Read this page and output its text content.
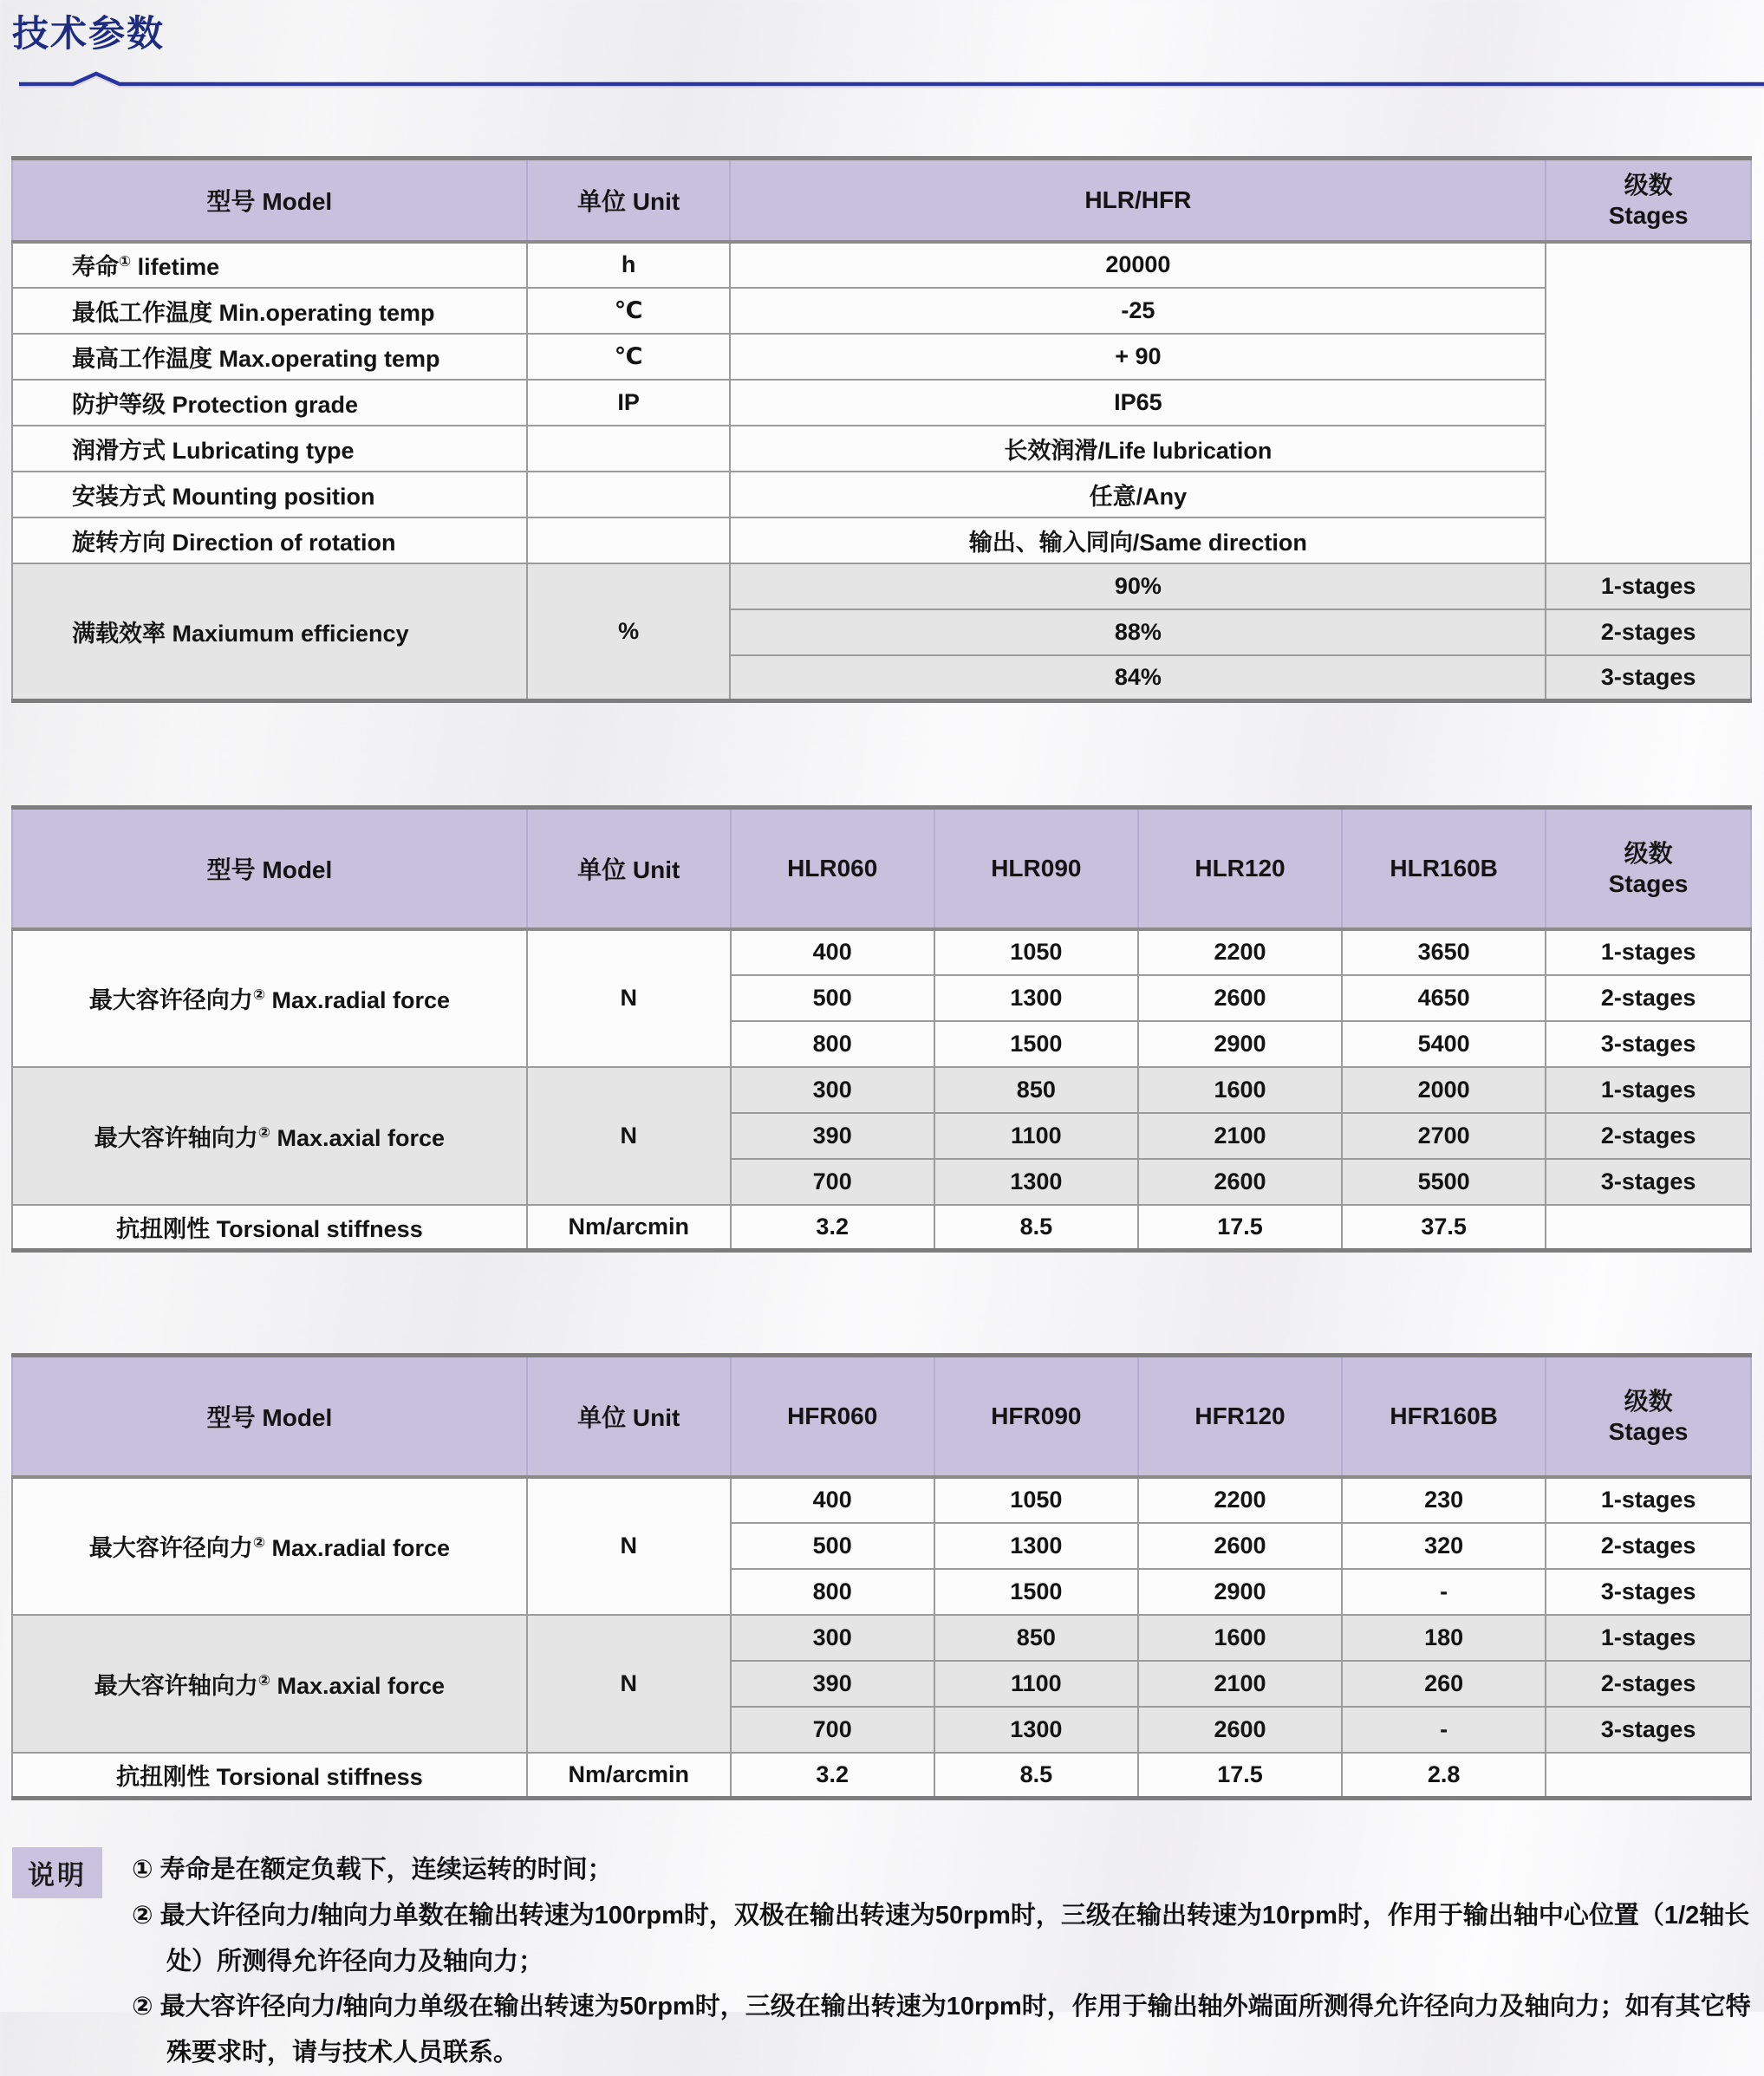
技术参数
型号 Model	单位 Unit	HLR/HFR	级数
Stages

寿命① lifetime	h	20000	
最低工作温度 Min.operating temp	℃	-25	
最高工作温度 Max.operating temp	℃	+ 90	
防护等级 Protection grade	IP	IP65	
润滑方式 Lubricating type		长效润滑/Life lubrication	
安装方式 Mounting position		任意/Any	
旋转方向 Direction of rotation		输出、输入同向/Same direction	
满载效率 Maxiumum efficiency	%	90%	1-stages
		88%	2-stages
		84%	3-stages
型号 Model	单位 Unit	HLR060	HLR090	HLR120	HLR160B	级数
Stages

最大容许径向力② Max.radial force	N	400	1050	2200	3650	1-stages
		500	1300	2600	4650	2-stages
		800	1500	2900	5400	3-stages
最大容许轴向力② Max.axial force	N	300	850	1600	2000	1-stages
		390	1100	2100	2700	2-stages
		700	1300	2600	5500	3-stages
抗扭刚性 Torsional stiffness	Nm/arcmin	3.2	8.5	17.5	37.5	
型号 Model	单位 Unit	HFR060	HFR090	HFR120	HFR160B	级数
Stages

最大容许径向力② Max.radial force	N	400	1050	2200	230	1-stages
		500	1300	2600	320	2-stages
		800	1500	2900	-	3-stages
最大容许轴向力② Max.axial force	N	300	850	1600	180	1-stages
		390	1100	2100	260	2-stages
		700	1300	2600	-	3-stages
抗扭刚性 Torsional stiffness	Nm/arcmin	3.2	8.5	17.5	2.8	
说明	① 寿命是在额定负载下，连续运转的时间；

② 最大许径向力/轴向力单数在输出转速为100rpm时，双极在输出转速为50rpm时，三级在输出转速为10rpm时，作用于输出轴中心位置（1/2轴长处）所测得允许径向力及轴向力；

② 最大容许径向力/轴向力单级在输出转速为50rpm时，三级在输出转速为10rpm时，作用于输出轴外端面所测得允许径向力及轴向力；如有其它特殊要求时，请与技术人员联系。
